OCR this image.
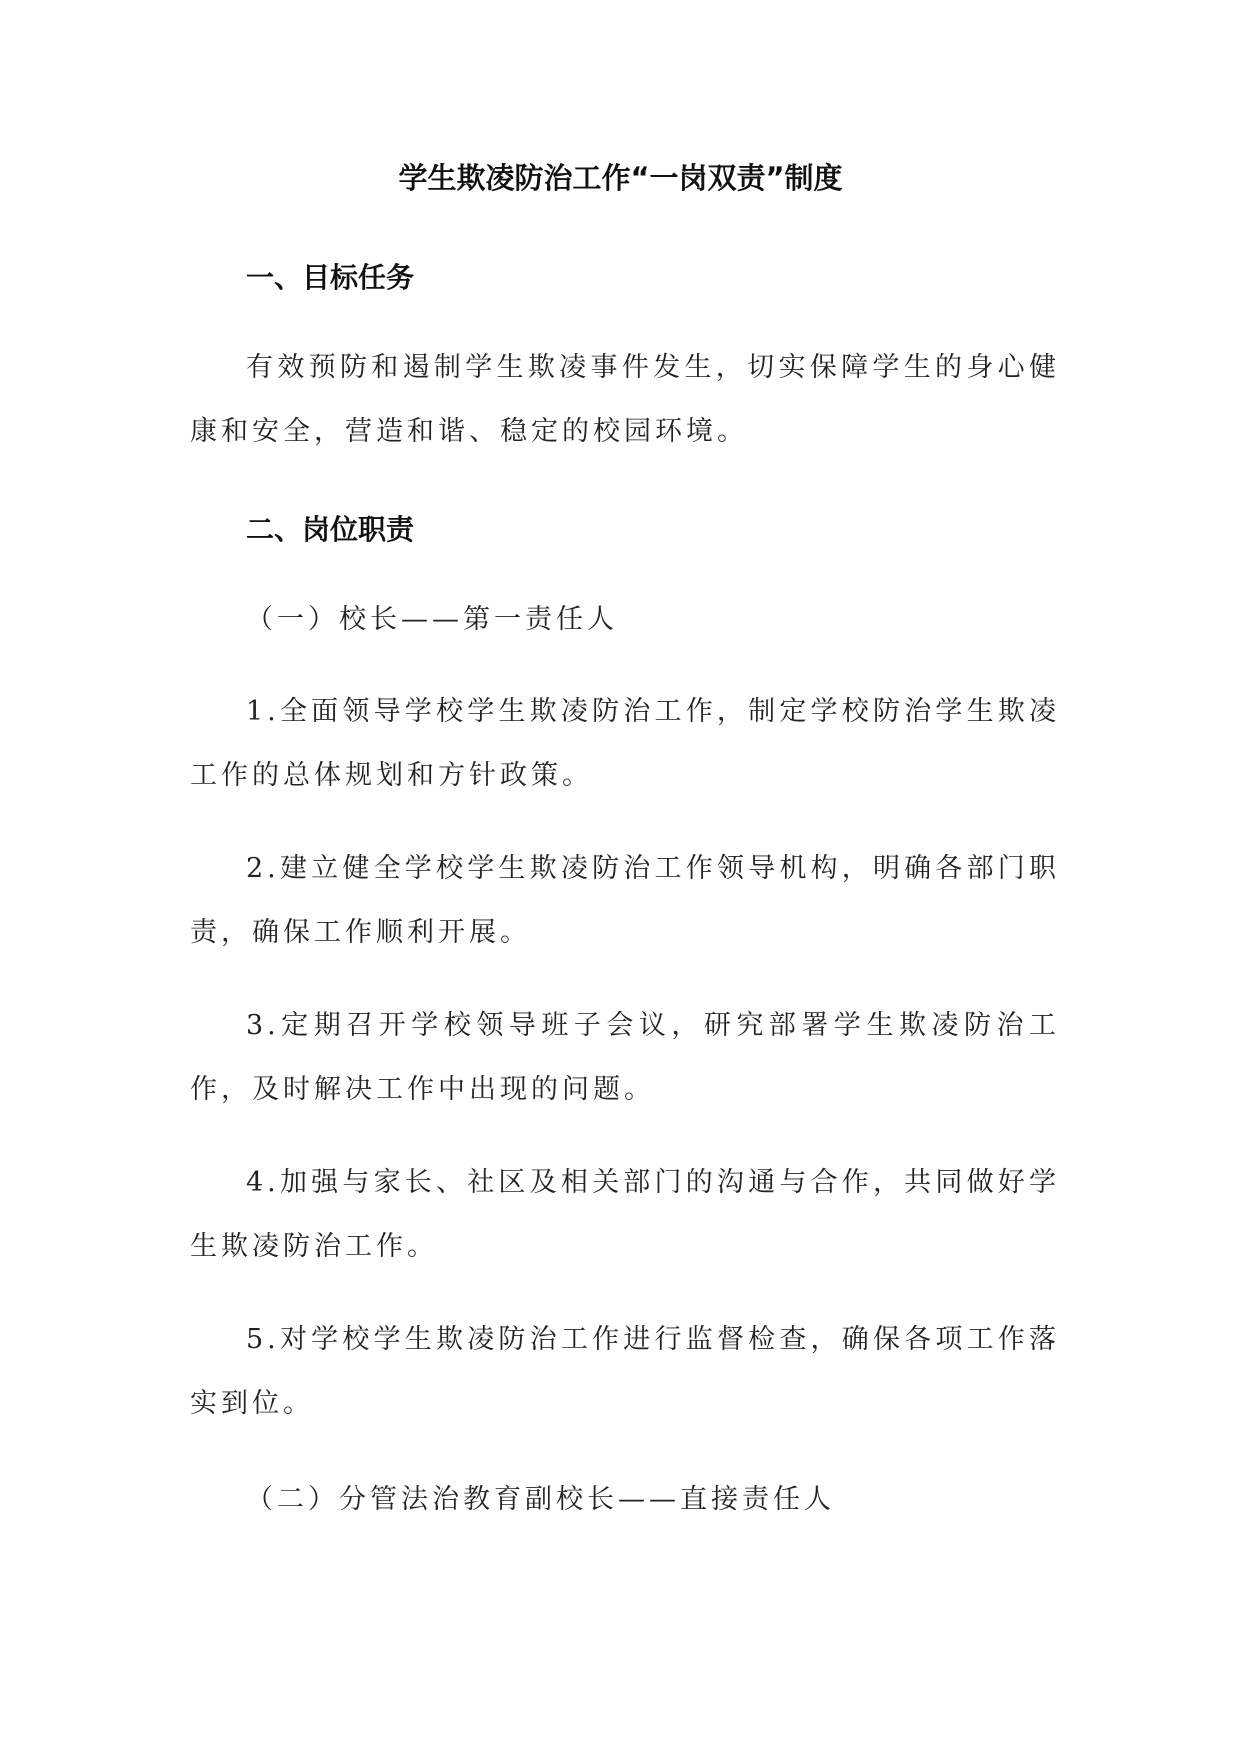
学生欺凌防治工作“一岗双责”制度
一、目标任务
有效预防和遏制学生欺凌事件发生，切实保障学生的身心健康和安全，营造和谐、稳定的校园环境。
二、岗位职责
（一）校长——第一责任人
1.全面领导学校学生欺凌防治工作，制定学校防治学生欺凌工作的总体规划和方针政策。
2.建立健全学校学生欺凌防治工作领导机构，明确各部门职责，确保工作顺利开展。
3.定期召开学校领导班子会议，研究部署学生欺凌防治工作，及时解决工作中出现的问题。
4.加强与家长、社区及相关部门的沟通与合作，共同做好学生欺凌防治工作。
5.对学校学生欺凌防治工作进行监督检查，确保各项工作落实到位。
（二）分管法治教育副校长——直接责任人
